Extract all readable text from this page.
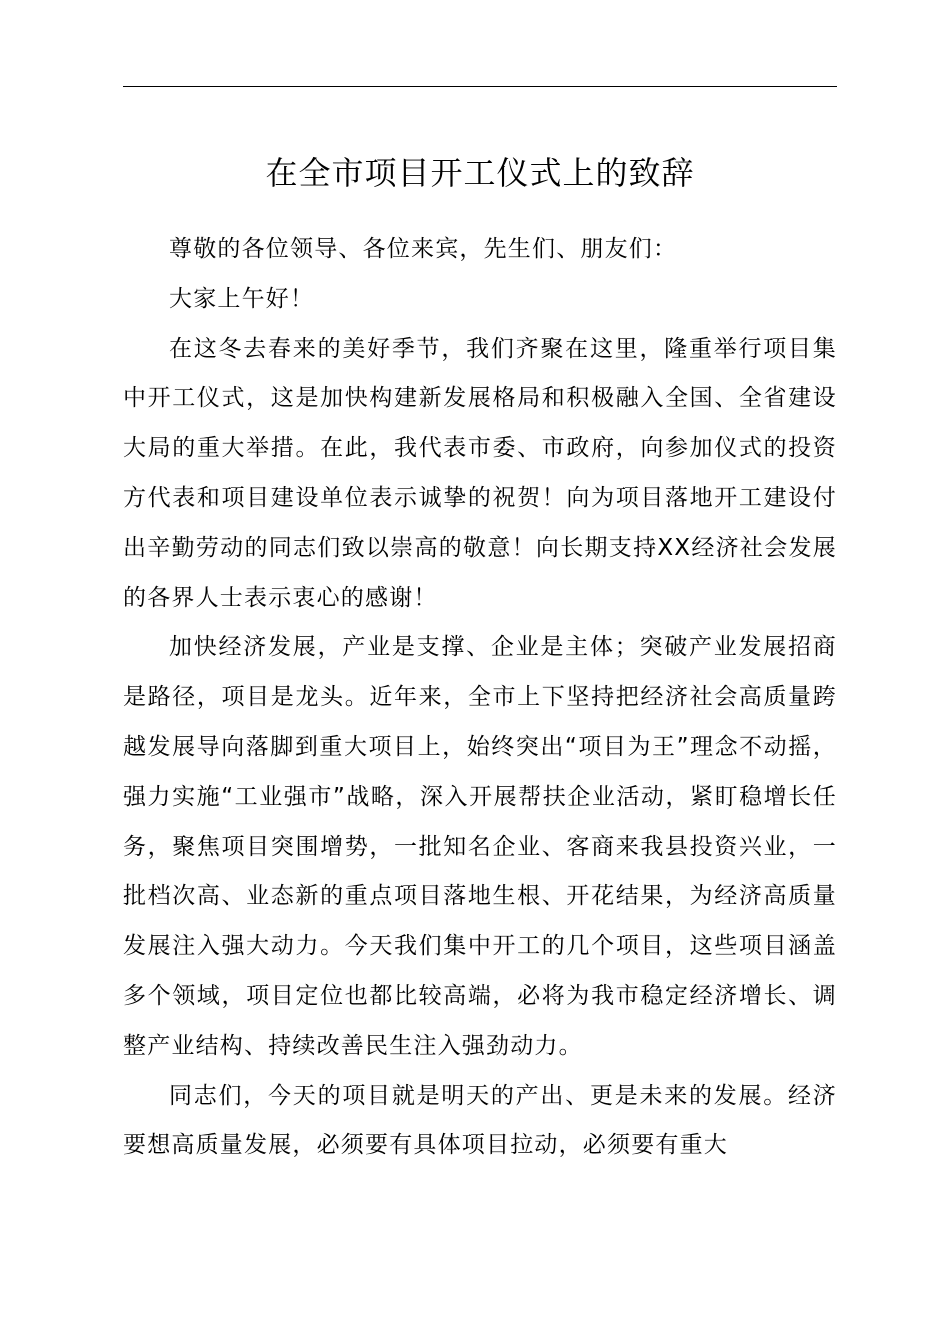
在全市项目开工仪式上的致辞

尊敬的各位领导、各位来宾，先生们、朋友们：

大家上午好！

在这冬去春来的美好季节，我们齐聚在这里，隆重举行项目集中开工仪式，这是加快构建新发展格局和积极融入全国、全省建设大局的重大举措。在此，我代表市委、市政府，向参加仪式的投资方代表和项目建设单位表示诚挚的祝贺！向为项目落地开工建设付出辛勤劳动的同志们致以崇高的敬意！向长期支持XX经济社会发展的各界人士表示衷心的感谢！

加快经济发展，产业是支撑、企业是主体；突破产业发展招商是路径，项目是龙头。近年来，全市上下坚持把经济社会高质量跨越发展导向落脚到重大项目上，始终突出“项目为王”理念不动摇，强力实施“工业强市”战略，深入开展帮扶企业活动，紧盯稳增长任务，聚焦项目突围增势，一批知名企业、客商来我县投资兴业，一批档次高、业态新的重点项目落地生根、开花结果，为经济高质量发展注入强大动力。今天我们集中开工的几个项目，这些项目涵盖多个领域，项目定位也都比较高端，必将为我市稳定经济增长、调整产业结构、持续改善民生注入强劲动力。

同志们，今天的项目就是明天的产出、更是未来的发展。经济要想高质量发展，必须要有具体项目拉动，必须要有重大
